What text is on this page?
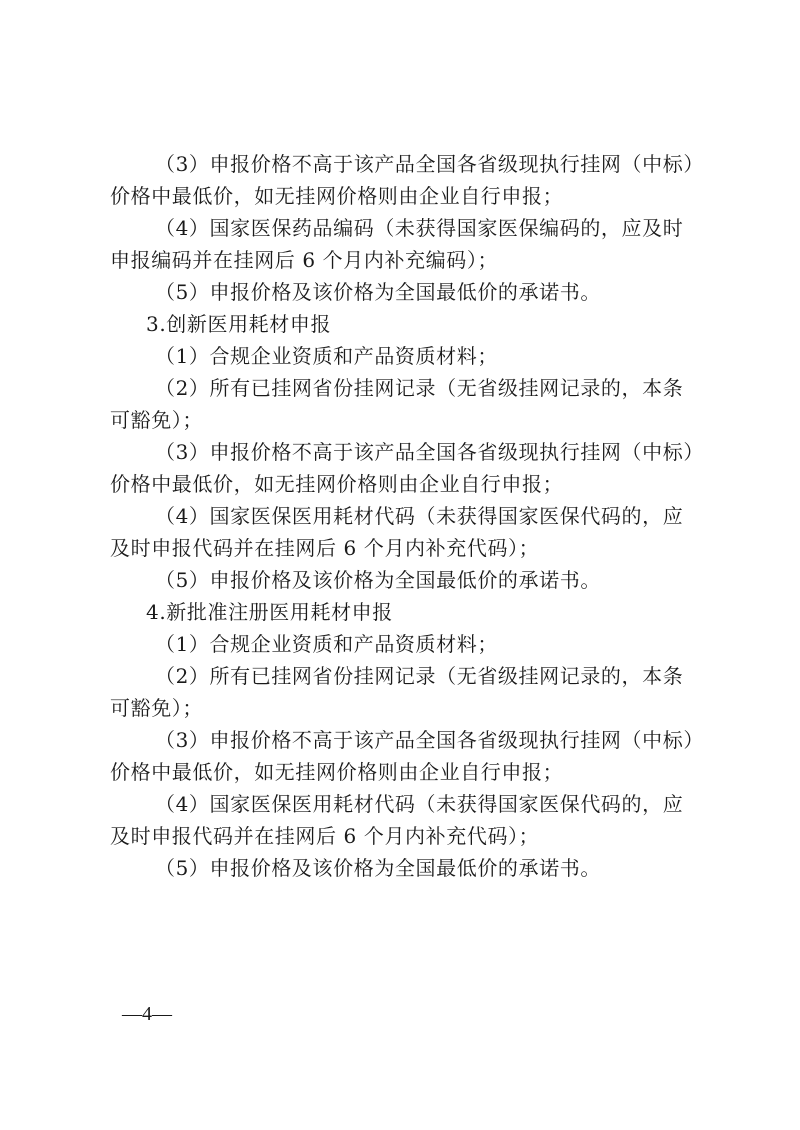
（3）申报价格不高于该产品全国各省级现执行挂网（中标）
价格中最低价，如无挂网价格则由企业自行申报；
（4）国家医保药品编码（未获得国家医保编码的，应及时
申报编码并在挂网后 6 个月内补充编码）；
（5）申报价格及该价格为全国最低价的承诺书。
3.创新医用耗材申报
（1）合规企业资质和产品资质材料；
（2）所有已挂网省份挂网记录（无省级挂网记录的，本条
可豁免）；
（3）申报价格不高于该产品全国各省级现执行挂网（中标）
价格中最低价，如无挂网价格则由企业自行申报；
（4）国家医保医用耗材代码（未获得国家医保代码的，应
及时申报代码并在挂网后 6 个月内补充代码）；
（5）申报价格及该价格为全国最低价的承诺书。
4.新批准注册医用耗材申报
（1）合规企业资质和产品资质材料；
（2）所有已挂网省份挂网记录（无省级挂网记录的，本条
可豁免）；
（3）申报价格不高于该产品全国各省级现执行挂网（中标）
价格中最低价，如无挂网价格则由企业自行申报；
（4）国家医保医用耗材代码（未获得国家医保代码的，应
及时申报代码并在挂网后 6 个月内补充代码）；
（5）申报价格及该价格为全国最低价的承诺书。
—4—
